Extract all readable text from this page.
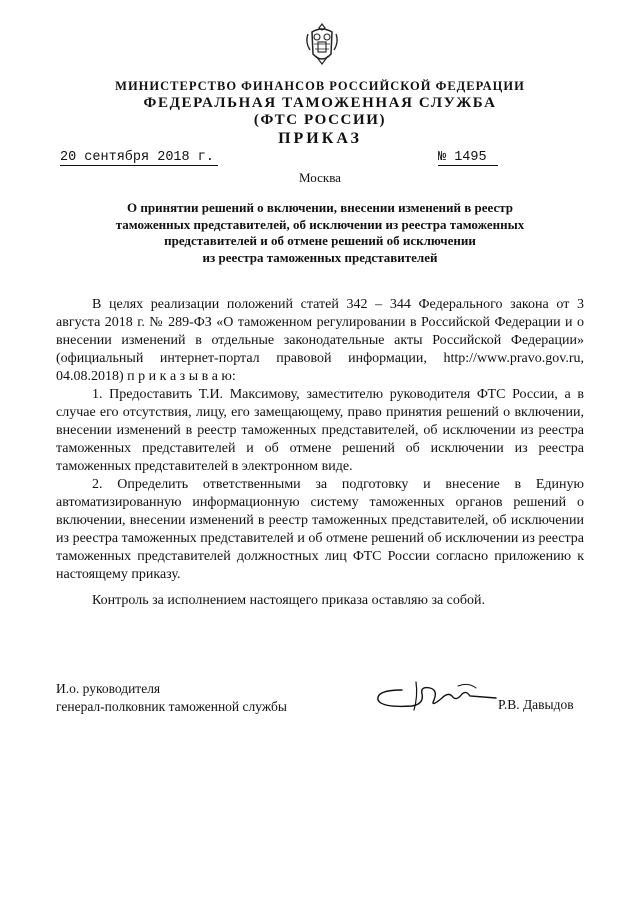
МИНИСТЕРСТВО ФИНАНСОВ РОССИЙСКОЙ ФЕДЕРАЦИИ
ФЕДЕРАЛЬНАЯ ТАМОЖЕННАЯ СЛУЖБА
(ФТС РОССИИ)
ПРИКАЗ
20 сентября 2018 г.	№ 1495
Москва
О принятии решений о включении, внесении изменений в реестр
таможенных представителей, об исключении из реестра таможенных
представителей и об отмене решений об исключении
из реестра таможенных представителей
В целях реализации положений статей 342 – 344 Федерального закона от 3 августа 2018 г. № 289-ФЗ «О таможенном регулировании в Российской Федерации и о внесении изменений в отдельные законодательные акты Российской Федерации» (официальный интернет-портал правовой информации, http://www.pravo.gov.ru, 04.08.2018) п р и к а з ы в а ю:
1. Предоставить Т.И. Максимову, заместителю руководителя ФТС России, а в случае его отсутствия, лицу, его замещающему, право принятия решений о включении, внесении изменений в реестр таможенных представителей, об исключении из реестра таможенных представителей и об отмене решений об исключении из реестра таможенных представителей в электронном виде.
2. Определить ответственными за подготовку и внесение в Единую автоматизированную информационную систему таможенных органов решений о включении, внесении изменений в реестр таможенных представителей, об исключении из реестра таможенных представителей и об отмене решений об исключении из реестра таможенных представителей должностных лиц ФТС России согласно приложению к настоящему приказу.
Контроль за исполнением настоящего приказа оставляю за собой.
И.о. руководителя
генерал-полковник таможенной службы	Р.В. Давыдов
